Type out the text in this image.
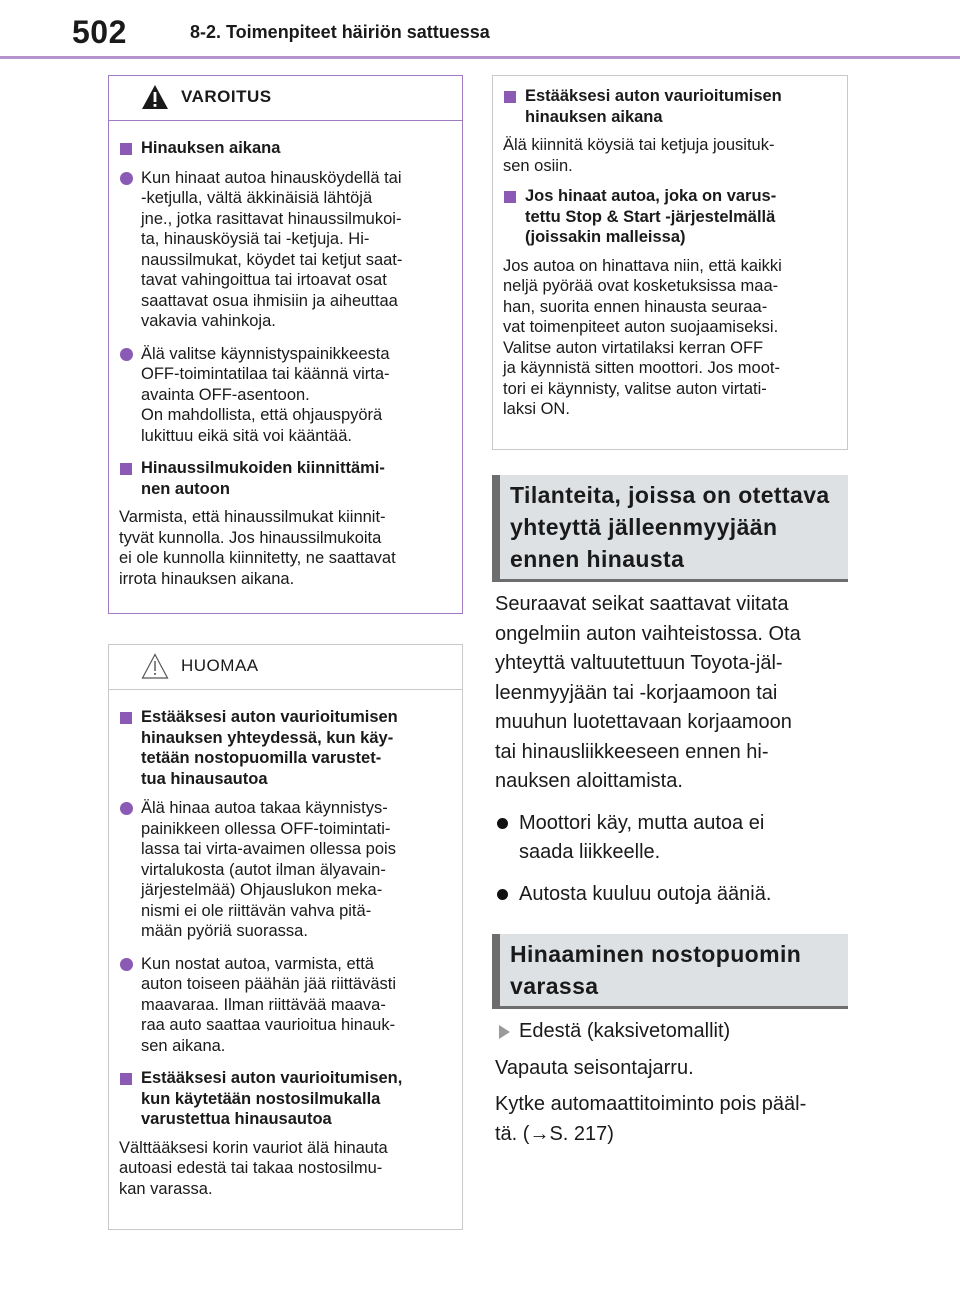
502	8-2. Toimenpiteet häiriön sattuessa
VAROITUS
Hinauksen aikana
Kun hinaat autoa hinausköydellä tai
-ketjulla, vältä äkkinäisiä lähtöjä
jne., jotka rasittavat hinaussilmukoi-
ta, hinausköysiä tai -ketjuja. Hi-
naussilmukat, köydet tai ketjut saat-
tavat vahingoittua tai irtoavat osat
saattavat osua ihmisiin ja aiheuttaa
vakavia vahinkoja.
Älä valitse käynnistyspainikkeesta
OFF-toimintatilaa tai käännä virta-
avainta OFF-asentoon.
On mahdollista, että ohjauspyörä
lukittuu eikä sitä voi kääntää.
Hinaussilmukoiden kiinnittämi-
nen autoon
Varmista, että hinaussilmukat kiinnit-
tyvät kunnolla. Jos hinaussilmukoita
ei ole kunnolla kiinnitetty, ne saattavat
irrota hinauksen aikana.
HUOMAA
Estääksesi auton vaurioitumisen
hinauksen yhteydessä, kun käy-
tetään nostopuomilla varustet-
tua hinausautoa
Älä hinaa autoa takaa käynnistys-
painikkeen ollessa OFF-toimintati-
lassa tai virta-avaimen ollessa pois
virtalukosta (autot ilman älyavain-
järjestelmää) Ohjauslukon meka-
nismi ei ole riittävän vahva pitä-
mään pyöriä suorassa.
Kun nostat autoa, varmista, että
auton toiseen päähän jää riittävästi
maavaraa. Ilman riittävää maava-
raa auto saattaa vaurioitua hinauk-
sen aikana.
Estääksesi auton vaurioitumisen,
kun käytetään nostosilmukalla
varustettua hinausautoa
Välttääksesi korin vauriot älä hinauta
autoasi edestä tai takaa nostosilmu-
kan varassa.
Estääksesi auton vaurioitumisen
hinauksen aikana
Älä kiinnitä köysiä tai ketjuja jousituk-
sen osiin.
Jos hinaat autoa, joka on varus-
tettu Stop & Start -järjestelmällä
(joissakin malleissa)
Jos autoa on hinattava niin, että kaikki
neljä pyörää ovat kosketuksissa maa-
han, suorita ennen hinausta seuraa-
vat toimenpiteet auton suojaamiseksi.
Valitse auton virtatilaksi kerran OFF
ja käynnistä sitten moottori. Jos moot-
tori ei käynnisty, valitse auton virtati-
laksi ON.
Tilanteita, joissa on otettava
yhteyttä jälleenmyyjään
ennen hinausta
Seuraavat seikat saattavat viitata
ongelmiin auton vaihteistossa. Ota
yhteyttä valtuutettuun Toyota-jäl-
leenmyyjään tai -korjaamoon tai
muuhun luotettavaan korjaamoon
tai hinausliikkeeseen ennen hi-
nauksen aloittamista.
Moottori käy, mutta autoa ei
saada liikkeelle.
Autosta kuuluu outoja ääniä.
Hinaaminen nostopuomin
varassa
Edestä (kaksivetomallit)
Vapauta seisontajarru.
Kytke automaattitoiminto pois pääl-
tä. (→S. 217)
